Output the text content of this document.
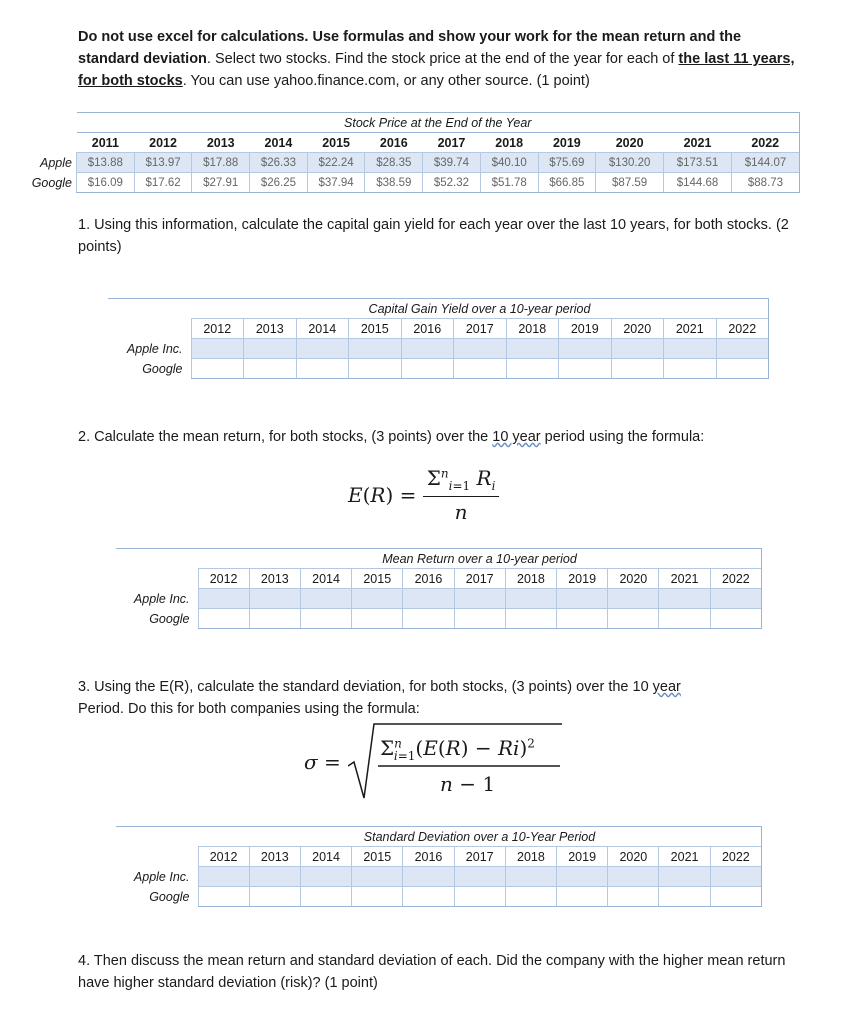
Do not use excel for calculations. Use formulas and show your work for the mean return and the standard deviation. Select two stocks. Find the stock price at the end of the year for each of the last 11 years, for both stocks. You can use yahoo.finance.com, or any other source. (1 point)
	Stock Price at the End of the Year											
	2011	2012	2013	2014	2015	2016	2017	2018	2019	2020	2021	2022
Apple	$13.88	$13.97	$17.88	$26.33	$22.24	$28.35	$39.74	$40.10	$75.69	$130.20	$173.51	$144.07
Google	$16.09	$17.62	$27.91	$26.25	$37.94	$38.59	$52.32	$51.78	$66.85	$87.59	$144.68	$88.73
1. Using this information, calculate the capital gain yield for each year over the last 10 years, for both stocks. (2 points)
	Capital Gain Yield over a 10-year period										
	2012	2013	2014	2015	2016	2017	2018	2019	2020	2021	2022
Apple Inc.											
Google											
2. Calculate the mean return, for both stocks, (3 points) over the 10 year period using the formula:
$E(R) = \frac{\Sigma^n_{i=1} R_i}{n}$
	Mean Return over a 10-year period										
	2012	2013	2014	2015	2016	2017	2018	2019	2020	2021	2022
Apple Inc.											
Google											
3. Using the E(R), calculate the standard deviation, for both stocks, (3 points) over the 10 year
Period. Do this for both companies using the formula:
σ =
$\Sigma^n_{i=1}(E(R) - Ri)^2$
n − 1
	Standard Deviation over a 10-Year Period										
	2012	2013	2014	2015	2016	2017	2018	2019	2020	2021	2022
Apple Inc.											
Google											
4. Then discuss the mean return and standard deviation of each. Did the company with the higher mean return have higher standard deviation (risk)? (1 point)
